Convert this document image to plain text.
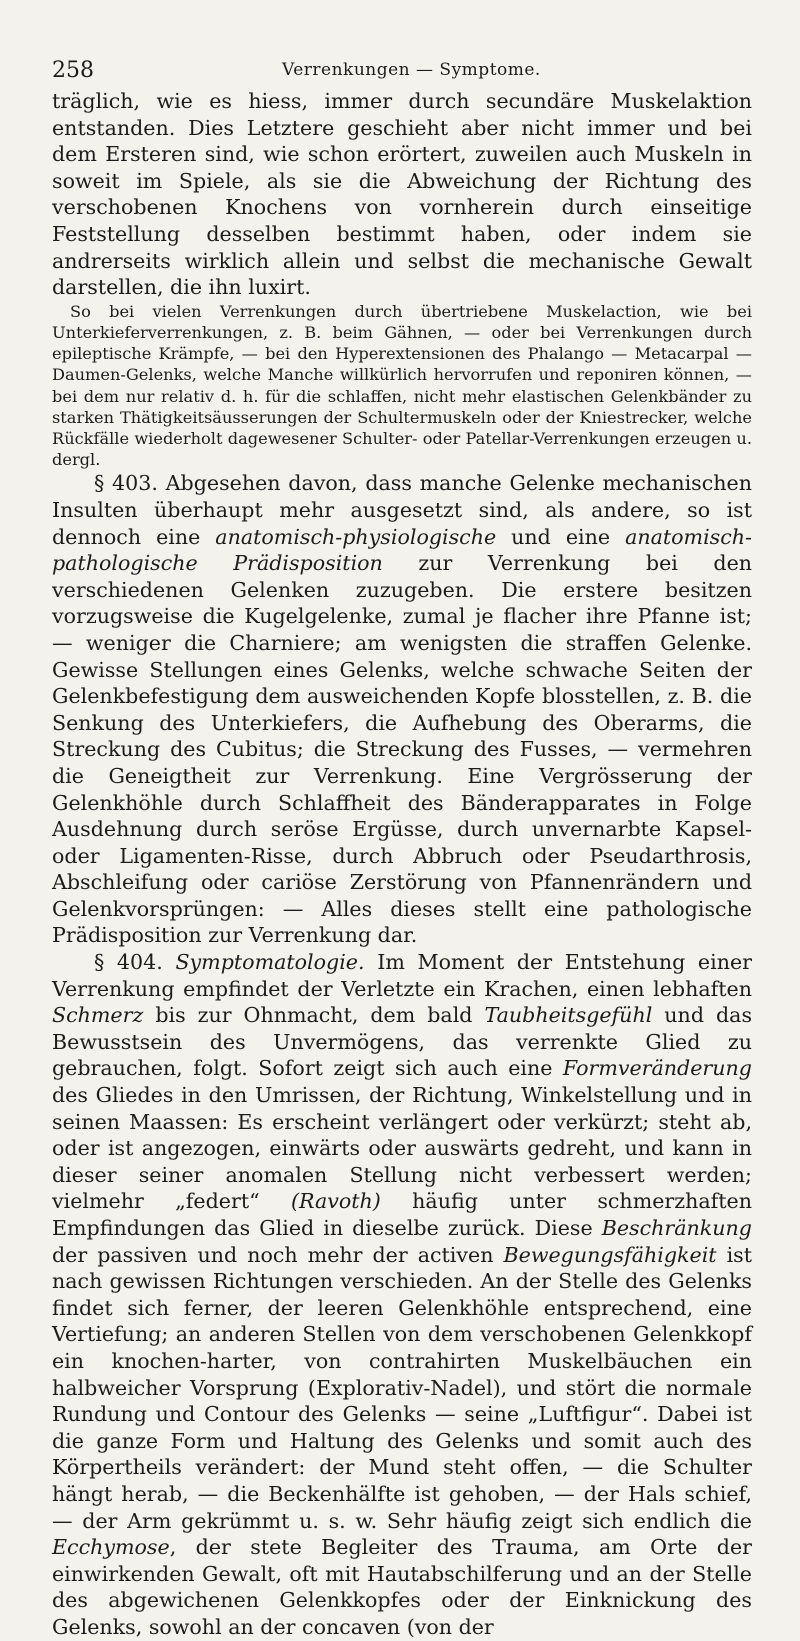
258	Verrenkungen — Symptome.

träglich, wie es hiess, immer durch secundäre Muskelaktion entstanden. Dies Letztere geschieht aber nicht immer und bei dem Ersteren sind, wie schon erörtert, zuweilen auch Muskeln in soweit im Spiele, als sie die Abweichung der Richtung des verschobenen Knochens von vornherein durch einseitige Feststellung desselben bestimmt haben, oder indem sie andrerseits wirklich allein und selbst die mechanische Gewalt darstellen, die ihn luxirt.

So bei vielen Verrenkungen durch übertriebene Muskelaction, wie bei Unterkieferverrenkungen, z. B. beim Gähnen, — oder bei Verrenkungen durch epileptische Krämpfe, — bei den Hyperextensionen des Phalango — Metacarpal — Daumen-Gelenks, welche Manche willkürlich hervorrufen und reponiren können, — bei dem nur relativ d. h. für die schlaffen, nicht mehr elastischen Gelenkbänder zu starken Thätigkeitsäusserungen der Schultermuskeln oder der Kniestrecker, welche Rückfälle wiederholt dagewesener Schulter- oder Patellar-Verrenkungen erzeugen u. dergl.

§ 403. Abgesehen davon, dass manche Gelenke mechanischen Insulten überhaupt mehr ausgesetzt sind, als andere, so ist dennoch eine anatomisch-physiologische und eine anatomisch-pathologische Prädisposition zur Verrenkung bei den verschiedenen Gelenken zuzugeben. Die erstere besitzen vorzugsweise die Kugelgelenke, zumal je flacher ihre Pfanne ist; — weniger die Charniere; am wenigsten die straffen Gelenke. Gewisse Stellungen eines Gelenks, welche schwache Seiten der Gelenkbefestigung dem ausweichenden Kopfe blosstellen, z. B. die Senkung des Unterkiefers, die Aufhebung des Oberarms, die Streckung des Cubitus; die Streckung des Fusses, — vermehren die Geneigtheit zur Verrenkung. Eine Vergrösserung der Gelenkhöhle durch Schlaffheit des Bänderapparates in Folge Ausdehnung durch seröse Ergüsse, durch unvernarbte Kapsel- oder Ligamenten-Risse, durch Abbruch oder Pseudarthrosis, Abschleifung oder cariöse Zerstörung von Pfannenrändern und Gelenkvorsprüngen: — Alles dieses stellt eine pathologische Prädisposition zur Verrenkung dar.

§ 404. Symptomatologie. Im Moment der Entstehung einer Verrenkung empfindet der Verletzte ein Krachen, einen lebhaften Schmerz bis zur Ohnmacht, dem bald Taubheitsgefühl und das Bewusstsein des Unvermögens, das verrenkte Glied zu gebrauchen, folgt. Sofort zeigt sich auch eine Formveränderung des Gliedes in den Umrissen, der Richtung, Winkelstellung und in seinen Maassen: Es erscheint verlängert oder verkürzt; steht ab, oder ist angezogen, einwärts oder auswärts gedreht, und kann in dieser seiner anomalen Stellung nicht verbessert werden; vielmehr „federt“ (Ravoth) häufig unter schmerzhaften Empfindungen das Glied in dieselbe zurück. Diese Beschränkung der passiven und noch mehr der activen Bewegungsfähigkeit ist nach gewissen Richtungen verschieden. An der Stelle des Gelenks findet sich ferner, der leeren Gelenkhöhle entsprechend, eine Vertiefung; an anderen Stellen von dem verschobenen Gelenkkopf ein knochen-harter, von contrahirten Muskelbäuchen ein halbweicher Vorsprung (Explorativ-Nadel), und stört die normale Rundung und Contour des Gelenks — seine „Luftfigur“. Dabei ist die ganze Form und Haltung des Gelenks und somit auch des Körpertheils verändert: der Mund steht offen, — die Schulter hängt herab, — die Beckenhälfte ist gehoben, — der Hals schief, — der Arm gekrümmt u. s. w. Sehr häufig zeigt sich endlich die Ecchymose, der stete Begleiter des Trauma, am Orte der einwirkenden Gewalt, oft mit Hautabschilferung und an der Stelle des abgewichenen Gelenkkopfes oder der Einknickung des Gelenks, sowohl an der concaven (von der
